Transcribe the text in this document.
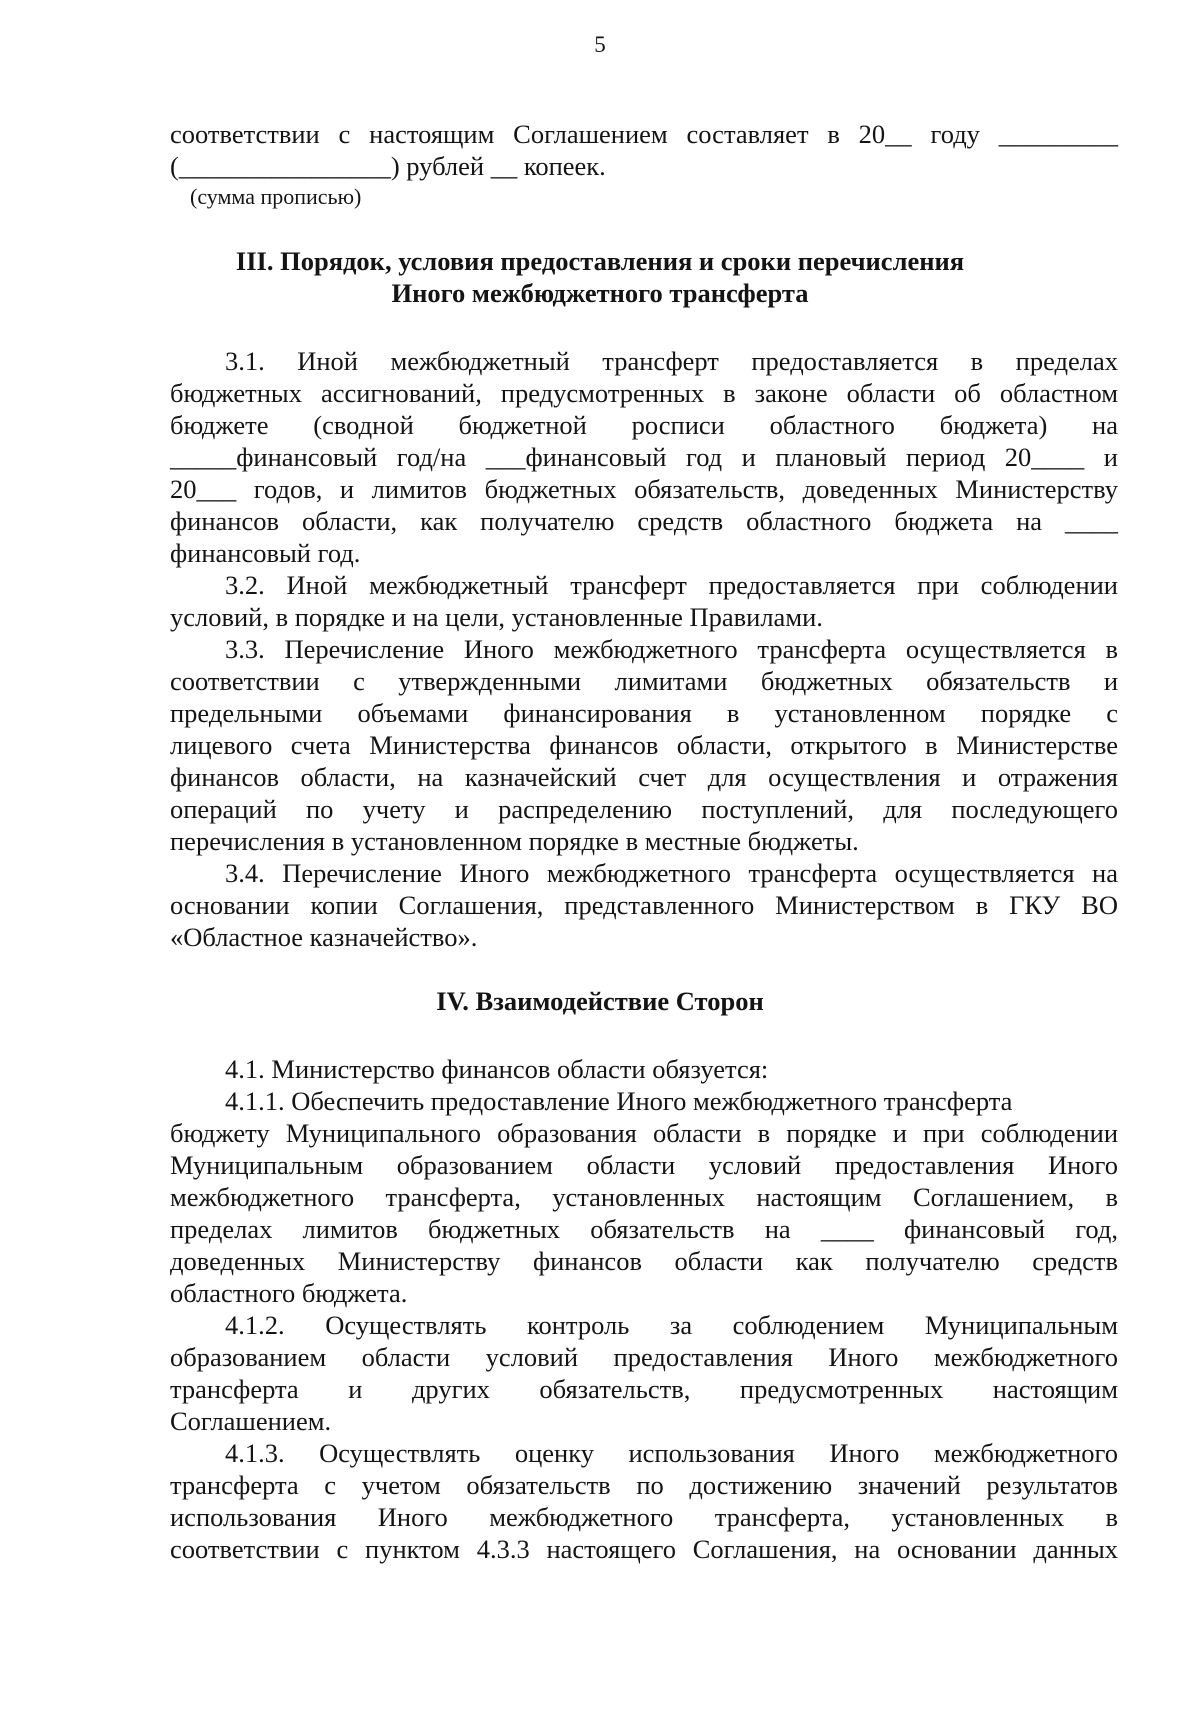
5
соответствии с настоящим Соглашением составляет в 20__ году _________
(________________) рублей __ копеек.
(сумма прописью)
III. Порядок, условия предоставления и сроки перечисления
Иного межбюджетного трансферта
3.1. Иной межбюджетный трансферт предоставляется в пределах
бюджетных ассигнований, предусмотренных в законе области об областном
бюджете (сводной бюджетной росписи областного бюджета) на
_____финансовый год/на ___финансовый год и плановый период 20____ и
20___ годов, и лимитов бюджетных обязательств, доведенных Министерству
финансов области, как получателю средств областного бюджета на ____
финансовый год.
3.2. Иной межбюджетный трансферт предоставляется при соблюдении
условий, в порядке и на цели, установленные Правилами.
3.3. Перечисление Иного межбюджетного трансферта осуществляется в
соответствии с утвержденными лимитами бюджетных обязательств и
предельными объемами финансирования в установленном порядке с
лицевого счета Министерства финансов области, открытого в Министерстве
финансов области, на казначейский счет для осуществления и отражения
операций по учету и распределению поступлений, для последующего
перечисления в установленном порядке в местные бюджеты.
3.4. Перечисление Иного межбюджетного трансферта осуществляется на
основании копии Соглашения, представленного Министерством в ГКУ ВО
«Областное казначейство».
IV. Взаимодействие Сторон
4.1. Министерство финансов области обязуется:
4.1.1. Обеспечить предоставление Иного межбюджетного трансферта
бюджету Муниципального образования области в порядке и при соблюдении
Муниципальным образованием области условий предоставления Иного
межбюджетного трансферта, установленных настоящим Соглашением, в
пределах лимитов бюджетных обязательств на ____ финансовый год,
доведенных Министерству финансов области как получателю средств
областного бюджета.
4.1.2. Осуществлять контроль за соблюдением Муниципальным
образованием области условий предоставления Иного межбюджетного
трансферта и других обязательств, предусмотренных настоящим
Соглашением.
4.1.3. Осуществлять оценку использования Иного межбюджетного
трансферта с учетом обязательств по достижению значений результатов
использования Иного межбюджетного трансферта, установленных в
соответствии с пунктом 4.3.3 настоящего Соглашения, на основании данных
